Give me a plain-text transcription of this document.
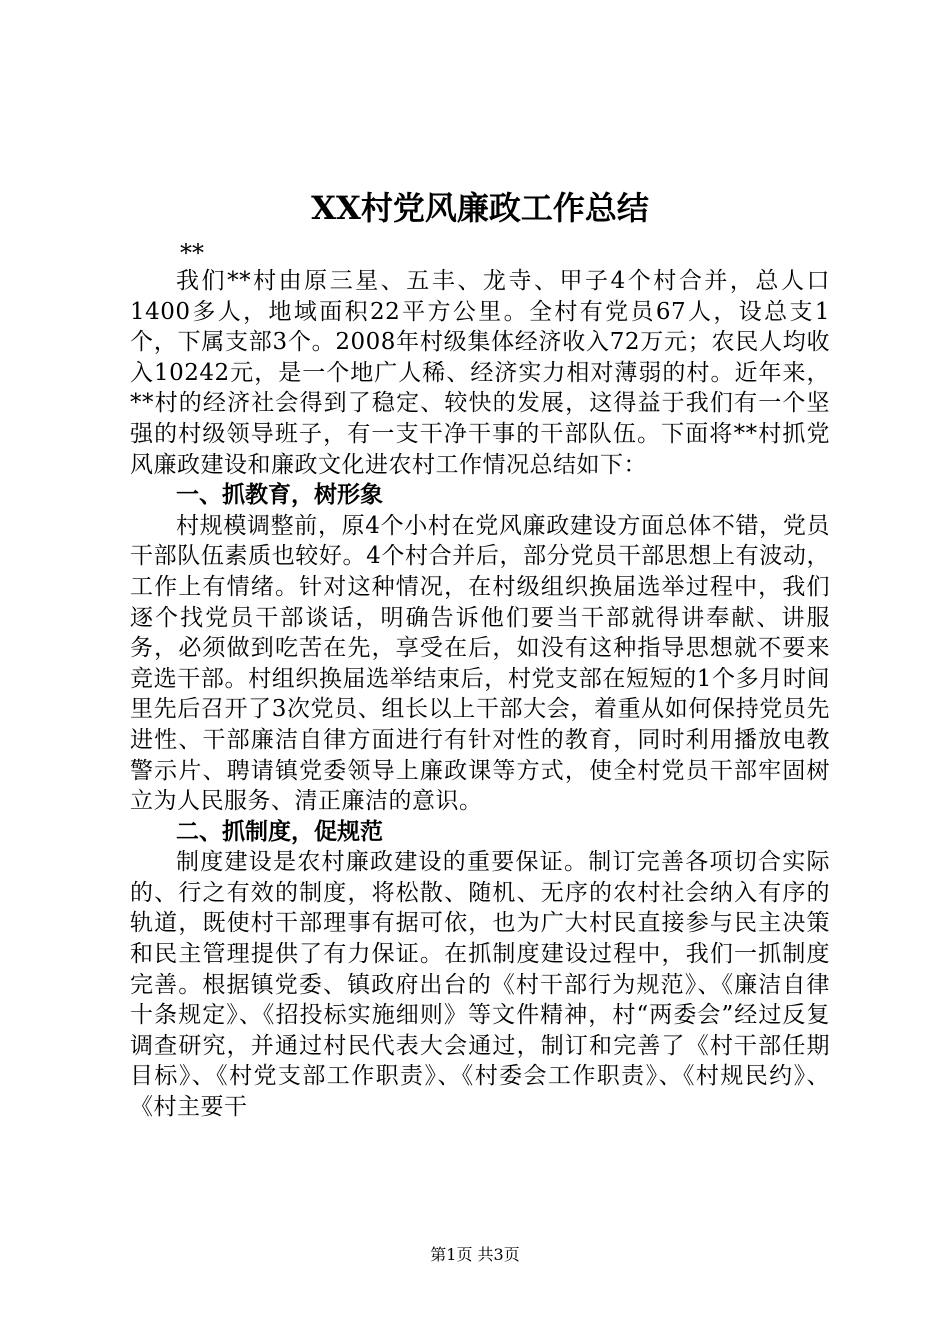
XX村党风廉政工作总结

**

我们**村由原三星、五丰、龙寺、甲子4个村合并，总人口1400多人，地域面积22平方公里。全村有党员67人，设总支1个，下属支部3个。2008年村级集体经济收入72万元；农民人均收入10242元，是一个地广人稀、经济实力相对薄弱的村。近年来，**村的经济社会得到了稳定、较快的发展，这得益于我们有一个坚强的村级领导班子，有一支干净干事的干部队伍。下面将**村抓党风廉政建设和廉政文化进农村工作情况总结如下：

一、抓教育，树形象

村规模调整前，原4个小村在党风廉政建设方面总体不错，党员干部队伍素质也较好。4个村合并后，部分党员干部思想上有波动，工作上有情绪。针对这种情况，在村级组织换届选举过程中，我们逐个找党员干部谈话，明确告诉他们要当干部就得讲奉献、讲服务，必须做到吃苦在先，享受在后，如没有这种指导思想就不要来竞选干部。村组织换届选举结束后，村党支部在短短的1个多月时间里先后召开了3次党员、组长以上干部大会，着重从如何保持党员先进性、干部廉洁自律方面进行有针对性的教育，同时利用播放电教警示片、聘请镇党委领导上廉政课等方式，使全村党员干部牢固树立为人民服务、清正廉洁的意识。

二、抓制度，促规范

制度建设是农村廉政建设的重要保证。制订完善各项切合实际的、行之有效的制度，将松散、随机、无序的农村社会纳入有序的轨道，既使村干部理事有据可依，也为广大村民直接参与民主决策和民主管理提供了有力保证。在抓制度建设过程中，我们一抓制度完善。根据镇党委、镇政府出台的《村干部行为规范》、《廉洁自律十条规定》、《招投标实施细则》等文件精神，村“两委会”经过反复调查研究，并通过村民代表大会通过，制订和完善了《村干部任期目标》、《村党支部工作职责》、《村委会工作职责》、《村规民约》、《村主要干

第1页 共3页
